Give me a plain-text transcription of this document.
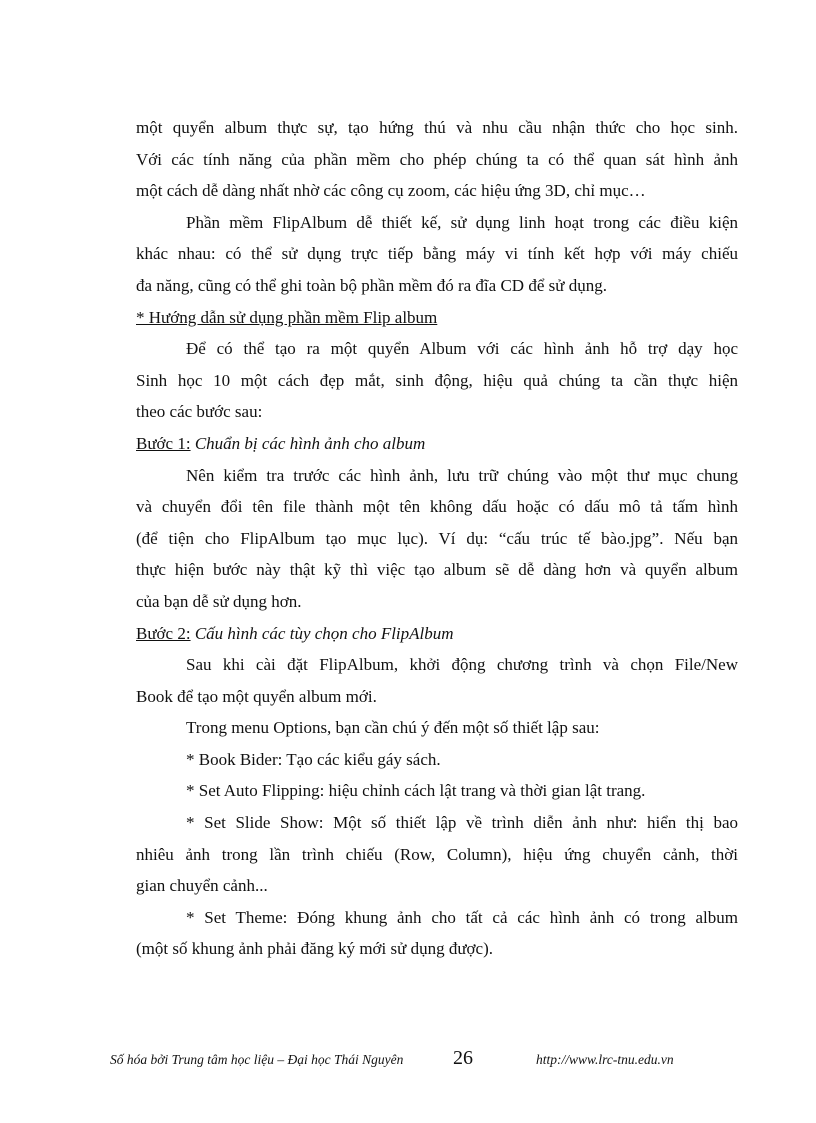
một quyển album thực sự, tạo hứng thú và nhu cầu nhận thức cho học sinh.
Với các tính năng của phần mềm cho phép chúng ta có thể quan sát hình ảnh
một cách dễ dàng nhất nhờ các công cụ zoom, các hiệu ứng 3D, chỉ mục…
Phần mềm FlipAlbum dễ thiết kế, sử dụng linh hoạt trong các điều kiện
khác nhau: có thể sử dụng trực tiếp bằng máy vi tính kết hợp với máy chiếu
đa năng, cũng có thể ghi toàn bộ phần mềm đó ra đĩa CD để sử dụng.
* Hướng dẫn sử dụng phần mềm Flip album
Để có thể tạo ra một quyển Album với các hình ảnh hỗ trợ dạy học
Sinh học 10 một cách đẹp mắt, sinh động, hiệu quả chúng ta cần thực hiện
theo các bước sau:
Bước 1: Chuẩn bị các hình ảnh cho album
Nên kiểm tra trước các hình ảnh, lưu trữ chúng vào một thư mục chung
và chuyển đổi tên file thành một tên không dấu hoặc có dấu mô tả tấm hình
(để tiện cho FlipAlbum tạo mục lục). Ví dụ: “cấu trúc tế bào.jpg”. Nếu bạn
thực hiện bước này thật kỹ thì việc tạo album sẽ dễ dàng hơn và quyển album
của bạn dễ sử dụng hơn.
Bước 2: Cấu hình các tùy chọn cho FlipAlbum
Sau khi cài đặt FlipAlbum, khởi động chương trình và chọn File/New
Book để tạo một quyển album mới.
Trong menu Options, bạn cần chú ý đến một số thiết lập sau:
* Book Bider: Tạo các kiểu gáy sách.
* Set Auto Flipping: hiệu chỉnh cách lật trang và thời gian lật trang.
* Set Slide Show: Một số thiết lập về trình diễn ảnh như: hiển thị bao
nhiêu ảnh trong lần trình chiếu (Row, Column), hiệu ứng chuyển cảnh, thời
gian chuyển cảnh...
* Set Theme: Đóng khung ảnh cho tất cả các hình ảnh có trong album
(một số khung ảnh phải đăng ký mới sử dụng được).
Số hóa bởi Trung tâm học liệu – Đại học Thái Nguyên 26	http://www.lrc-tnu.edu.vn
